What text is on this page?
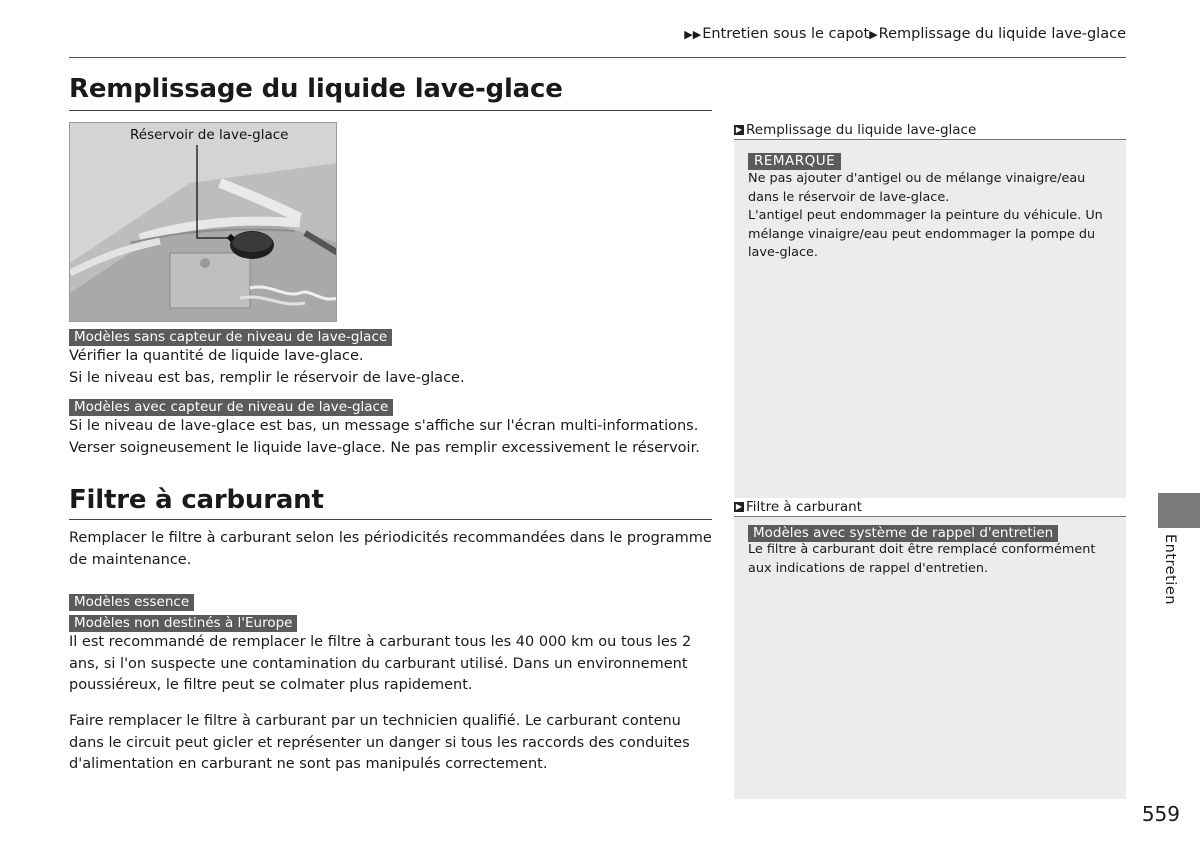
▶▶Entretien sous le capot▶Remplissage du liquide lave-glace
Remplissage du liquide lave-glace
Réservoir de lave-glace
Modèles sans capteur de niveau de lave-glace

Vérifier la quantité de liquide lave-glace.

Si le niveau est bas, remplir le réservoir de lave-glace.

Modèles avec capteur de niveau de lave-glace

Si le niveau de lave-glace est bas, un message s'affiche sur l'écran multi-informations.

Verser soigneusement le liquide lave-glace. Ne pas remplir excessivement le réservoir.

Filtre à carburant

Remplacer le filtre à carburant selon les périodicités recommandées dans le programme de maintenance.

Modèles essence
Modèles non destinés à l'Europe

Il est recommandé de remplacer le filtre à carburant tous les 40 000 km ou tous les 2 ans, si l'on suspecte une contamination du carburant utilisé. Dans un environnement poussiéreux, le filtre peut se colmater plus rapidement.

Faire remplacer le filtre à carburant par un technicien qualifié. Le carburant contenu dans le circuit peut gicler et représenter un danger si tous les raccords des conduites d'alimentation en carburant ne sont pas manipulés correctement.

▶ Remplissage du liquide lave-glace
REMARQUE

Ne pas ajouter d'antigel ou de mélange vinaigre/eau dans le réservoir de lave-glace.

L'antigel peut endommager la peinture du véhicule. Un mélange vinaigre/eau peut endommager la pompe du lave-glace.

▶ Filtre à carburant
Modèles avec système de rappel d'entretien

Le filtre à carburant doit être remplacé conformément aux indications de rappel d'entretien.	Entretien
559
